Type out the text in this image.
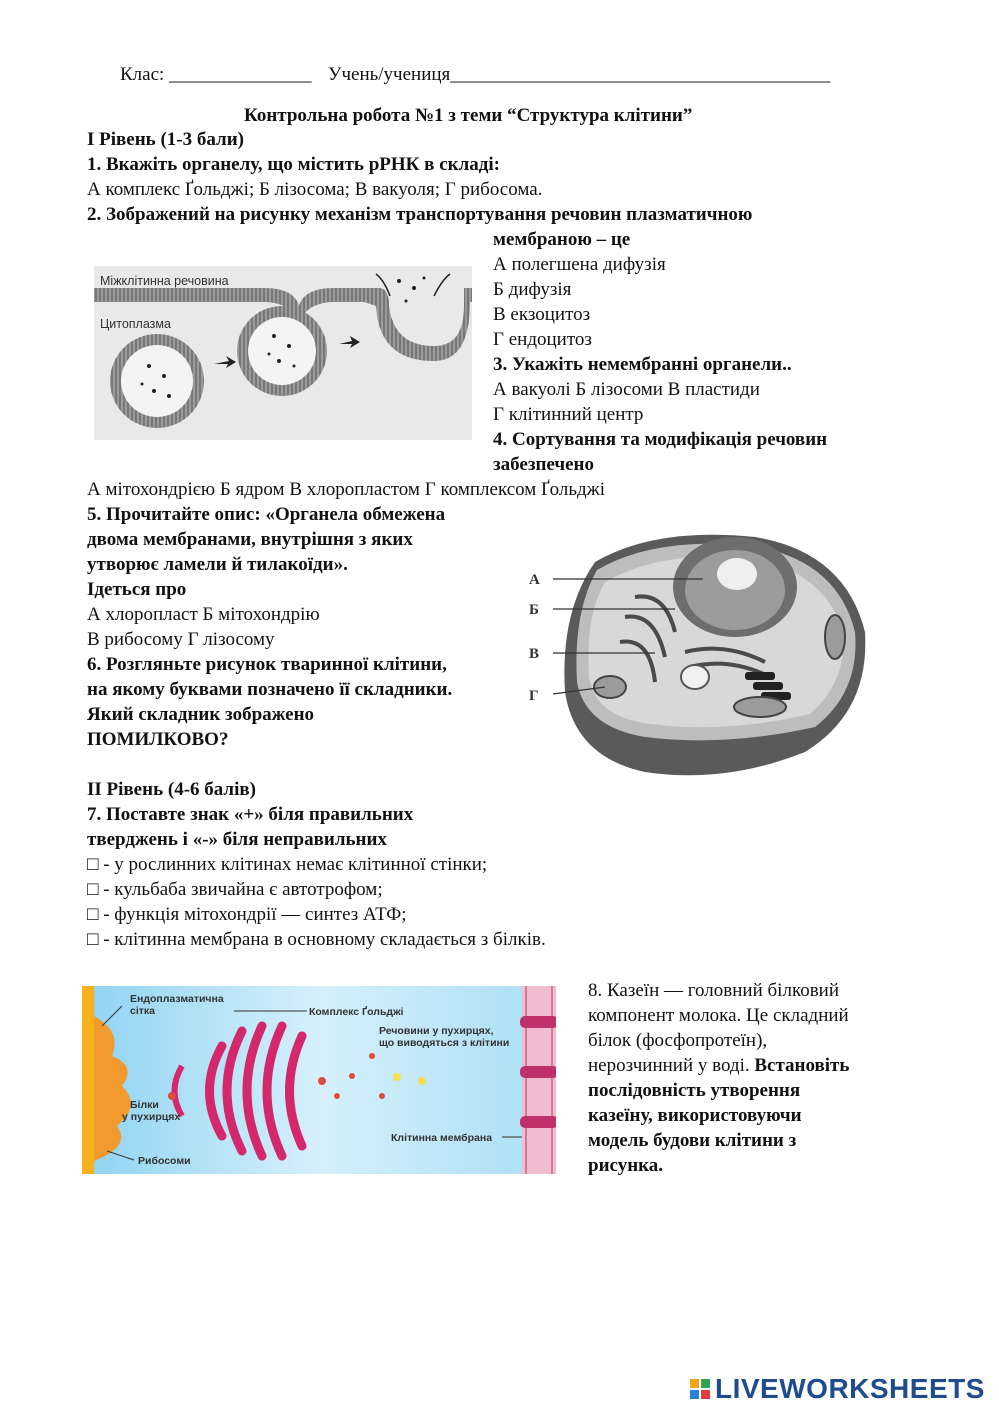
Клас: _______________ Учень/учениця________________________________________
Контрольна робота №1 з теми “Структура клітини”
І Рівень (1-3 бали)
1. Вкажіть органелу, що містить рРНК в складі:
А комплекс Ґольджі; Б лізосома; В вакуоля; Г рибосома.
2. Зображений на рисунку механізм транспортування речовин плазматичною
мембраною – це
А полегшена дифузія
Б дифузія
В екзоцитоз
Г ендоцитоз
Міжклітинна речовина
Цитоплазма
3. Укажіть немембранні органели..
А вакуолі Б лізосоми В пластиди
Г клітинний центр
4. Сортування та модифікація речовин
забезпечено
А мітохондрією Б ядром В хлоропластом Г комплексом Ґольджі
5. Прочитайте опис: «Органела обмежена
двома мембранами, внутрішня з яких
утворює ламели й тилакоїди».
Ідеться про
А хлоропласт Б мітохондрію
В рибосому Г лізосому
6. Розгляньте рисунок тваринної клітини,
на якому буквами позначено її складники.
Який складник зображено
ПОМИЛКОВО?
А
Б
В
Г
ІІ Рівень (4-6 балів)
7. Поставте знак «+» біля правильних
тверджень і «-» біля неправильних
□ - у рослинних клітинах немає клітинної стінки;
□ - кульбаба звичайна є автотрофом;
□ - функція мітохондрії — синтез АТФ;
□ - клітинна мембрана в основному складається з білків.
Ендоплазматична
сітка	Комплекс Ґольджі
Речовини у пухирцях,
що виводяться з клітини
Білки
у пухирцях
Клітинна мембрана
Рибосоми
8. Казеїн — головний білковий
компонент молока. Це складний
білок (фосфопротеїн),
нерозчинний у воді. Встановіть
послідовність утворення
казеїну, використовуючи
модель будови клітини з
рисунка.
LIVEWORKSHEETS
